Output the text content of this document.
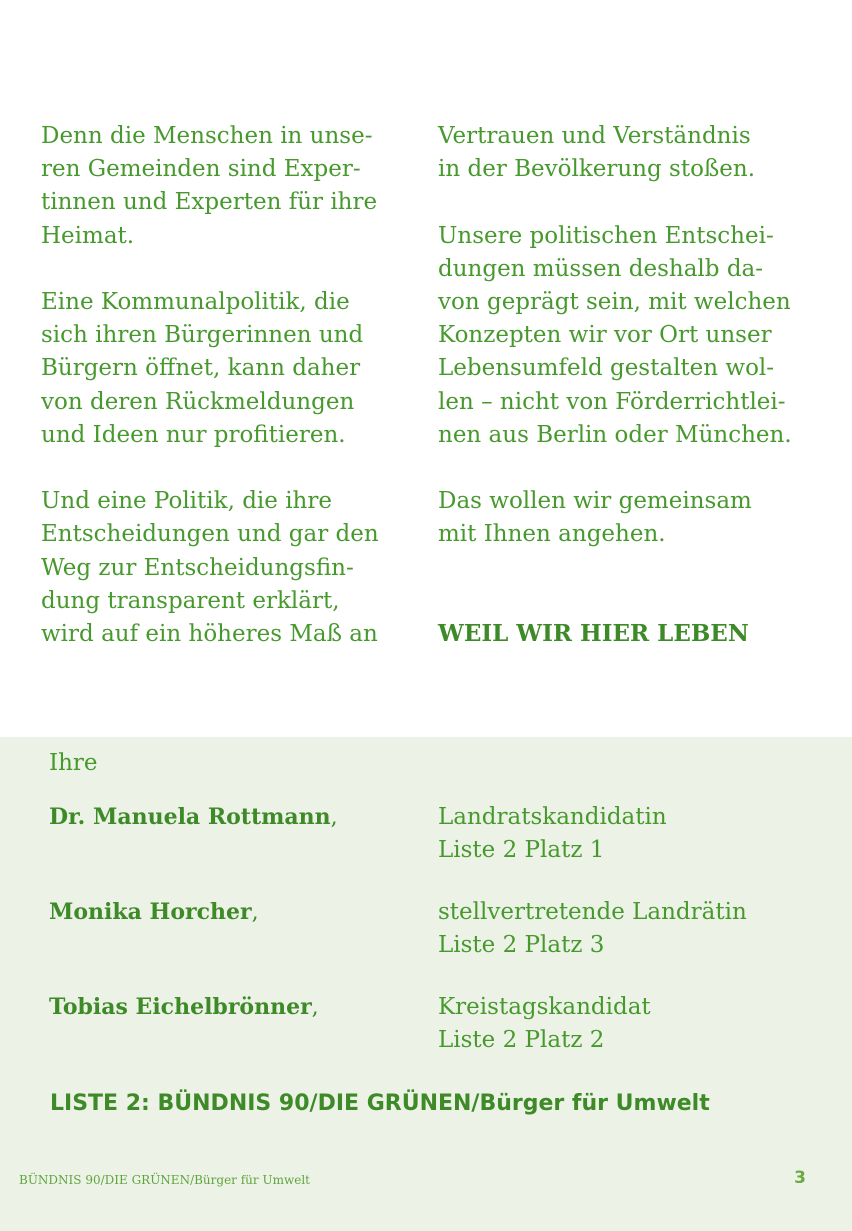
Denn die Menschen in unse-
ren Gemeinden sind Exper-
tinnen und Experten für ihre
Heimat.
Eine Kommunalpolitik, die
sich ihren Bürgerinnen und
Bürgern öffnet, kann daher
von deren Rückmeldungen
und Ideen nur profitieren.
Und eine Politik, die ihre
Entscheidungen und gar den
Weg zur Entscheidungsfin-
dung transparent erklärt,
wird auf ein höheres Maß an
Vertrauen und Verständnis
in der Bevölkerung stoßen.
Unsere politischen Entschei-
dungen müssen deshalb da-
von geprägt sein, mit welchen
Konzepten wir vor Ort unser
Lebensumfeld gestalten wol-
len – nicht von Förderrichtlei-
nen aus Berlin oder München.
Das wollen wir gemeinsam
mit Ihnen angehen.
WEIL WIR HIER LEBEN
Ihre
Dr. Manuela Rottmann,	Landratskandidatin
Liste 2 Platz 1
Monika Horcher,	stellvertretende Landrätin
Liste 2 Platz 3
Tobias Eichelbrönner,	Kreistagskandidat
Liste 2 Platz 2
LISTE 2: BÜNDNIS 90/DIE GRÜNEN/Bürger für Umwelt
BÜNDNIS 90/DIE GRÜNEN/Bürger für Umwelt	3
